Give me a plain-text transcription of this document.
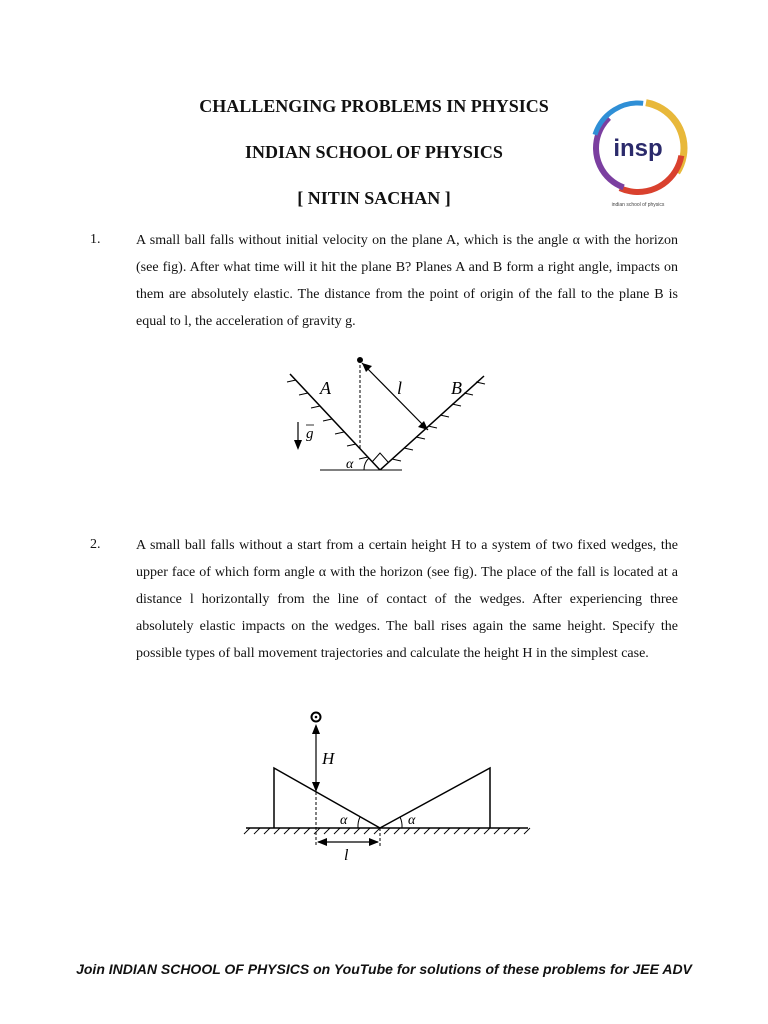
CHALLENGING PROBLEMS IN PHYSICS

INDIAN SCHOOL OF PHYSICS

[ NITIN SACHAN ]

insp
indian school of physics
1.	A small ball falls without initial velocity on the plane A, which is the angle α with the horizon (see fig). After what time will it hit the plane B? Planes A and B form a right angle, impacts on them are absolutely elastic. The distance from the point of origin of the fall to the plane B is equal to l, the acceleration of gravity g.

g
A	B
l
α
2.	A small ball falls without a start from a certain height H to a system of two fixed wedges, the upper face of which form angle α with the horizon (see fig). The place of the fall is located at a distance l horizontally from the line of contact of the wedges. After experiencing three absolutely elastic impacts on the wedges. The ball rises again the same height. Specify the possible types of ball movement trajectories and calculate the height H in the simplest case.

H
α	α
l

Join INDIAN SCHOOL OF PHYSICS on YouTube for solutions of these problems for JEE ADV
